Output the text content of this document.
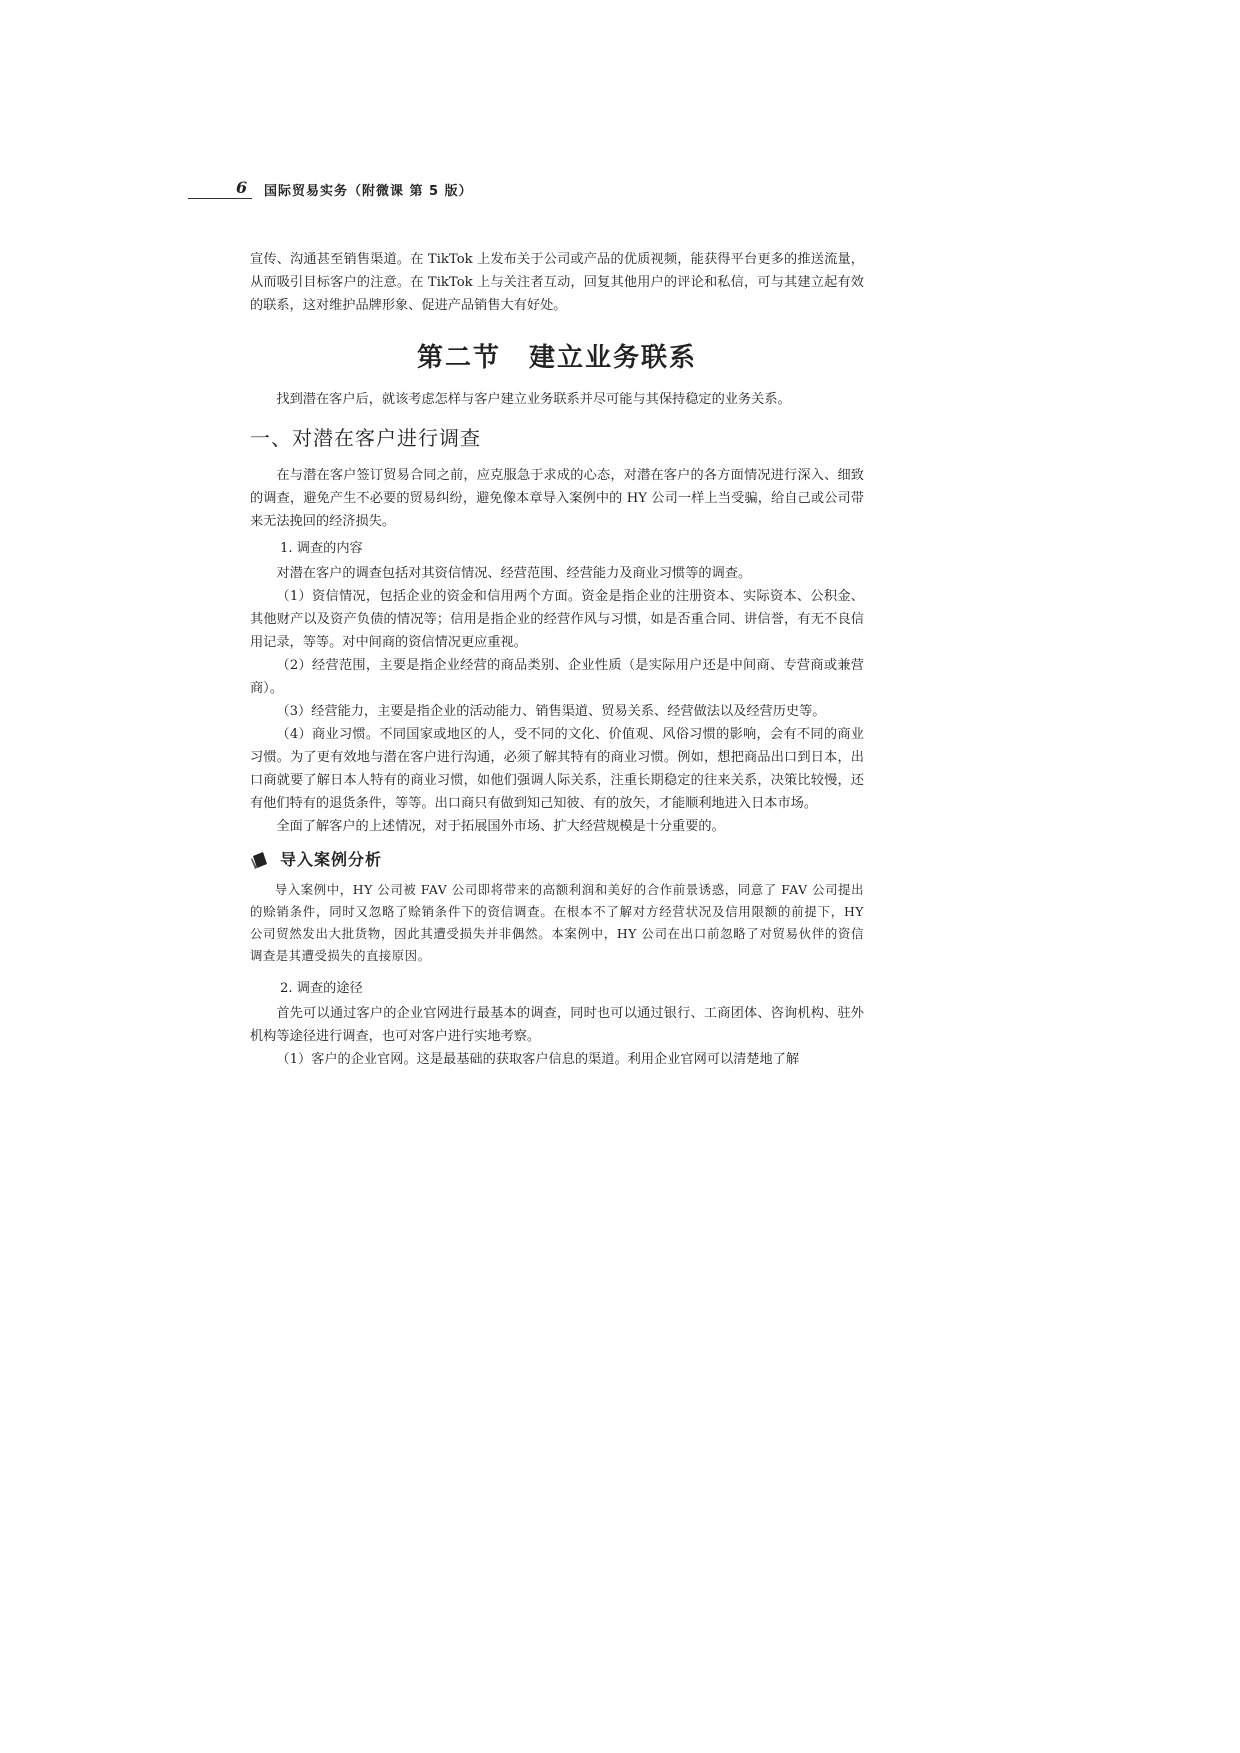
6 国际贸易实务（附微课 第 5 版）

宣传、沟通甚至销售渠道。在 TikTok 上发布关于公司或产品的优质视频，能获得平台更多的推送流量，从而吸引目标客户的注意。在 TikTok 上与关注者互动，回复其他用户的评论和私信，可与其建立起有效的联系，这对维护品牌形象、促进产品销售大有好处。

第二节　建立业务联系

找到潜在客户后，就该考虑怎样与客户建立业务联系并尽可能与其保持稳定的业务关系。

一、对潜在客户进行调查

在与潜在客户签订贸易合同之前，应克服急于求成的心态，对潜在客户的各方面情况进行深入、细致的调查，避免产生不必要的贸易纠纷，避免像本章导入案例中的 HY 公司一样上当受骗，给自己或公司带来无法挽回的经济损失。

1. 调查的内容

对潜在客户的调查包括对其资信情况、经营范围、经营能力及商业习惯等的调查。

（1）资信情况，包括企业的资金和信用两个方面。资金是指企业的注册资本、实际资本、公积金、其他财产以及资产负债的情况等；信用是指企业的经营作风与习惯，如是否重合同、讲信誉，有无不良信用记录，等等。对中间商的资信情况更应重视。

（2）经营范围，主要是指企业经营的商品类别、企业性质（是实际用户还是中间商、专营商或兼营商）。

（3）经营能力，主要是指企业的活动能力、销售渠道、贸易关系、经营做法以及经营历史等。

（4）商业习惯。不同国家或地区的人，受不同的文化、价值观、风俗习惯的影响，会有不同的商业习惯。为了更有效地与潜在客户进行沟通，必须了解其特有的商业习惯。例如，想把商品出口到日本，出口商就要了解日本人特有的商业习惯，如他们强调人际关系，注重长期稳定的往来关系，决策比较慢，还有他们特有的退货条件，等等。出口商只有做到知己知彼、有的放矢，才能顺利地进入日本市场。

全面了解客户的上述情况，对于拓展国外市场、扩大经营规模是十分重要的。

导入案例分析

导入案例中，HY 公司被 FAV 公司即将带来的高额利润和美好的合作前景诱惑，同意了 FAV 公司提出的赊销条件，同时又忽略了赊销条件下的资信调查。在根本不了解对方经营状况及信用限额的前提下，HY 公司贸然发出大批货物，因此其遭受损失并非偶然。本案例中，HY 公司在出口前忽略了对贸易伙伴的资信调查是其遭受损失的直接原因。

2. 调查的途径

首先可以通过客户的企业官网进行最基本的调查，同时也可以通过银行、工商团体、咨询机构、驻外机构等途径进行调查，也可对客户进行实地考察。

（1）客户的企业官网。这是最基础的获取客户信息的渠道。利用企业官网可以清楚地了解
